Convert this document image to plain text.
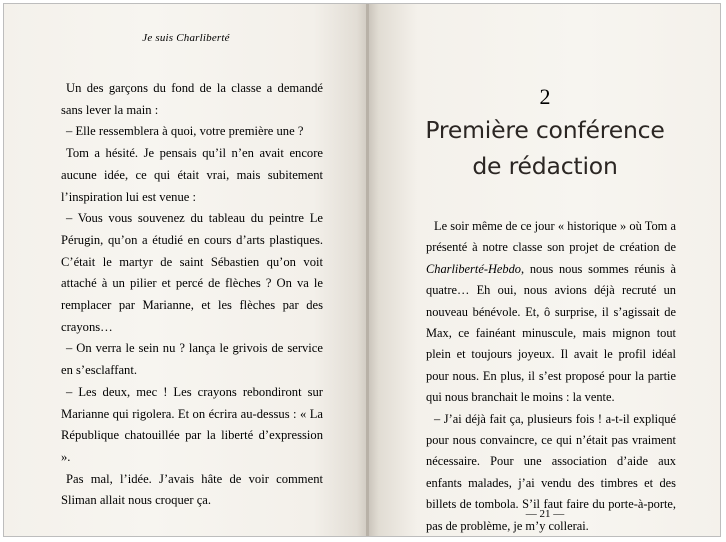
Je suis Charliberté

Un des garçons du fond de la classe a demandé sans lever la main :

– Elle ressemblera à quoi, votre première une ?

Tom a hésité. Je pensais qu’il n’en avait encore aucune idée, ce qui était vrai, mais subitement l’inspiration lui est venue :

– Vous vous souvenez du tableau du peintre Le Pérugin, qu’on a étudié en cours d’arts plastiques. C’était le martyr de saint Sébastien qu’on voit attaché à un pilier et percé de flèches ? On va le remplacer par Marianne, et les flèches par des crayons…

– On verra le sein nu ? lança le grivois de service en s’esclaffant.

– Les deux, mec ! Les crayons rebondiront sur Marianne qui rigolera. Et on écrira au-dessus : « La République chatouillée par la liberté d’expression ».

Pas mal, l’idée. J’avais hâte de voir comment Sliman allait nous croquer ça.

2
Première conférence
de rédaction

Le soir même de ce jour « historique » où Tom a présenté à notre classe son projet de création de Charliberté-Hebdo, nous nous sommes réunis à quatre… Eh oui, nous avions déjà recruté un nouveau bénévole. Et, ô surprise, il s’agissait de Max, ce fainéant minuscule, mais mignon tout plein et toujours joyeux. Il avait le profil idéal pour nous. En plus, il s’est proposé pour la partie qui nous branchait le moins : la vente.

– J’ai déjà fait ça, plusieurs fois ! a-t-il expliqué pour nous convaincre, ce qui n’était pas vraiment nécessaire. Pour une association d’aide aux enfants malades, j’ai vendu des timbres et des billets de tombola. S’il faut faire du porte-à-porte, pas de problème, je m’y collerai.

— 21 —
